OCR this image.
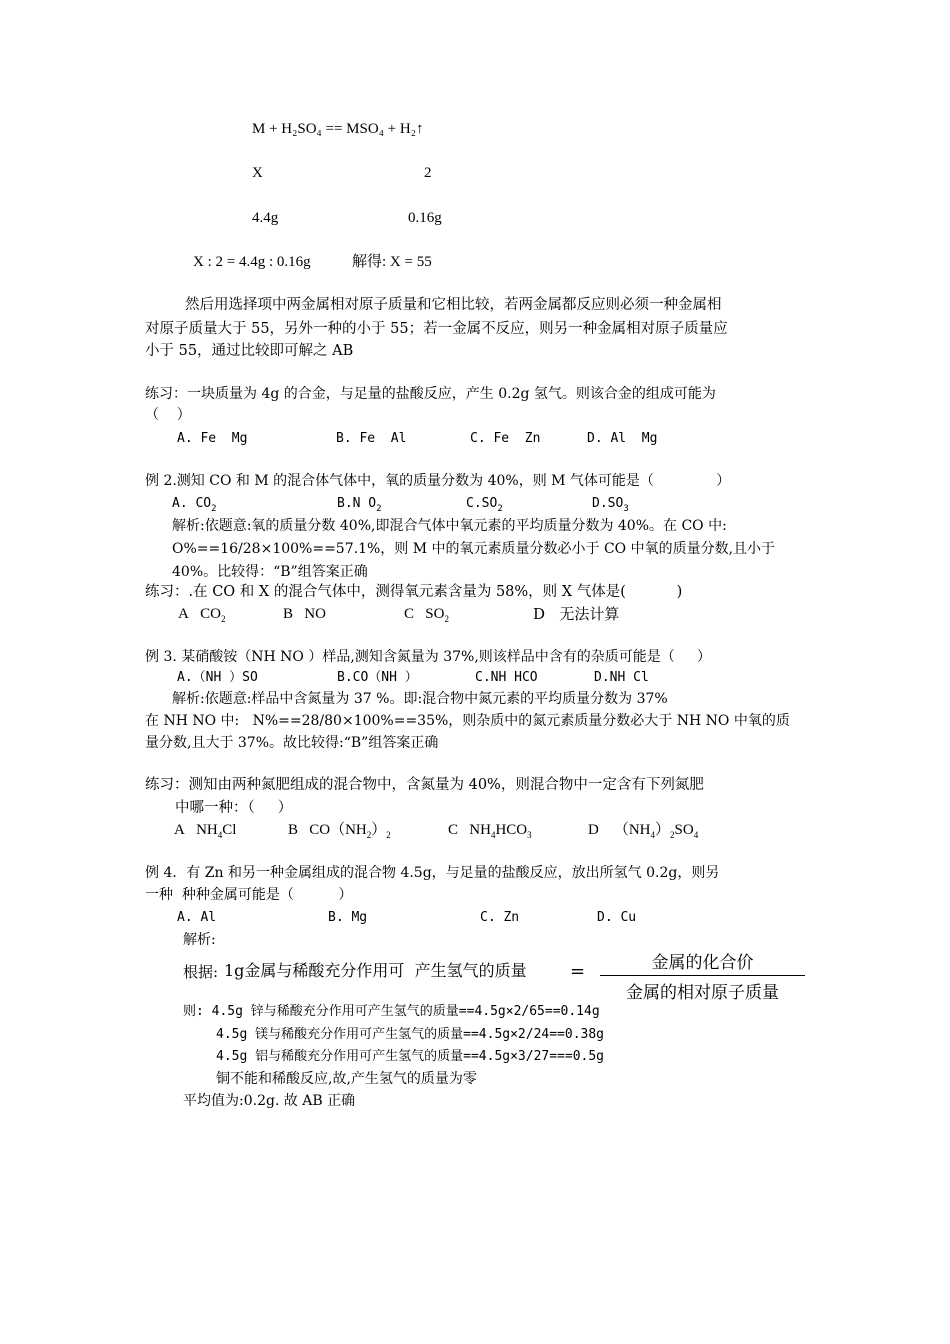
M + H₂SO₄ == MSO₄ + H₂↑
X	2
4.4g	0.16g
X : 2 = 4.4g : 0.16g	解得: X = 55
然后用选择项中两金属相对原子质量和它相比较，若两金属都反应则必须一种金属相
对原子质量大于 55，另外一种的小于 55；若一金属不反应，则另一种金属相对原子质量应
小于 55，通过比较即可解之 AB
练习：一块质量为 4g 的合金，与足量的盐酸反应，产生 0.2g 氢气。则该合金的组成可能为
（    ）
A. Fe  Mg	B. Fe  Al	C. Fe  Zn	D. Al  Mg
例 2.测知 CO 和 M 的混合体气体中，氧的质量分数为 40%，则 M 气体可能是（              ）
A. $CO_2$	B.N $O_2$	$C.SO_2$	$D.SO_3$
解析:依题意:氧的质量分数 40%,即混合气体中氧元素的平均质量分数为 40%。在 CO 中:
O%==16/28×100%==57.1%，则 M 中的氧元素质量分数必小于 CO 中氧的质量分数,且小于
40%。比较得：“B”组答案正确
练习：.在 CO 和 X 的混合气体中，测得氧元素含量为 58%，则 X 气体是(           )
A $CO_2$	B NO	C $SO_2$	D 无法计算
例 3. 某硝酸铵（NH NO ）样品,测知含氮量为 37%,则该样品中含有的杂质可能是（     ）
A.（NH ）SO	B.CO（NH ）	C.NH HCO	D.NH Cl
解析:依题意:样品中含氮量为 37 %。即:混合物中氮元素的平均质量分数为 37%
在 NH NO 中:   N%==28/80×100%==35%，则杂质中的氮元素质量分数必大于 NH NO 中氧的质
量分数,且大于 37%。故比较得:“B”组答案正确
练习：测知由两种氮肥组成的混合物中，含氮量为 40%，则混合物中一定含有下列氮肥
中哪一种：（     ）
A $NH_4Cl$	B $CO(NH_2)_2$	C $NH_4HCO_3$	D $(NH_4)_2SO_4$
例 4．有 Zn 和另一种金属组成的混合物 4.5g，与足量的盐酸反应，放出所氢气 0.2g，则另
一种  种种金属可能是（          ）
A. Al	B. Mg	C. Zn	D. Cu
解析:
根据: 1g金属与稀酸充分作用可  产生氢气的质量 =	金属的化合价
金属的相对原子质量
则: 4.5g 锌与稀酸充分作用可产生氢气的质量==4.5g×2/65==0.14g
4.5g 镁与稀酸充分作用可产生氢气的质量==4.5g×2/24==0.38g
4.5g 铝与稀酸充分作用可产生氢气的质量==4.5g×3/27===0.5g
铜不能和稀酸反应,故,产生氢气的质量为零
平均值为:0.2g. 故 AB 正确
